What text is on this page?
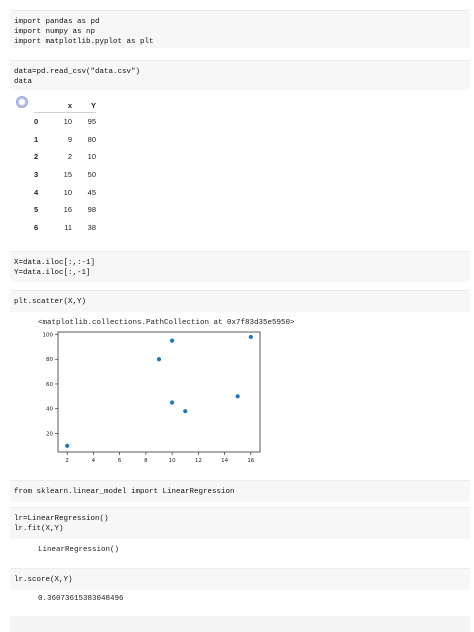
import pandas as pd
import numpy as np
import matplotlib.pyplot as plt
data=pd.read_csv("data.csv")
data
	x	Y
0	10	95
1	9	80
2	2	10
3	15	50
4	10	45
5	16	98
6	11	38
X=data.iloc[:,:-1]
Y=data.iloc[:,-1]
plt.scatter(X,Y)
<matplotlib.collections.PathCollection at 0x7f83d35e5950>
2	4	6	8	10	12	14	16
20
40
60
80
100
from sklearn.linear_model import LinearRegression
lr=LinearRegression()
lr.fit(X,Y)
LinearRegression()
lr.score(X,Y)
0.36073615383048496
